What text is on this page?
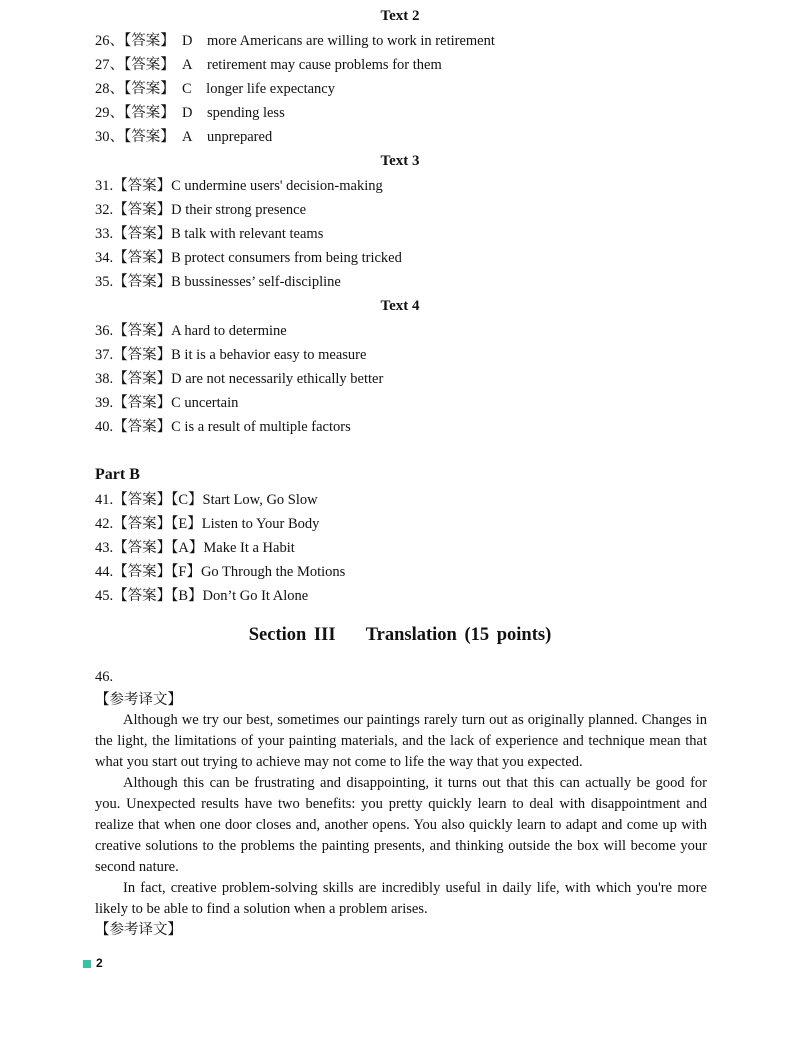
Text 2
26、【答案】 D more Americans are willing to work in retirement
27、【答案】 A retirement may cause problems for them
28、【答案】 C longer life expectancy
29、【答案】 D spending less
30、【答案】 A unprepared
Text 3
31.【答案】C undermine users' decision-making
32.【答案】D their strong presence
33.【答案】B talk with relevant teams
34.【答案】B protect consumers from being tricked
35.【答案】B bussinesses’ self-discipline
Text 4
36.【答案】A hard to determine
37.【答案】B it is a behavior easy to measure
38.【答案】D are not necessarily ethically better
39.【答案】C uncertain
40.【答案】C is a result of multiple factors
Part B
41.【答案】【C】Start Low, Go Slow
42.【答案】【E】Listen to Your Body
43.【答案】【A】Make It a Habit
44.【答案】【F】Go Through the Motions
45.【答案】【B】Don’t Go It Alone
Section III    Translation (15 points)
46.
【参考译文】

Although we try our best, sometimes our paintings rarely turn out as originally planned. Changes in the light, the limitations of your painting materials, and the lack of experience and technique mean that what you start out trying to achieve may not come to life the way that you expected.

Although this can be frustrating and disappointing, it turns out that this can actually be good for you. Unexpected results have two benefits: you pretty quickly learn to deal with disappointment and realize that when one door closes and, another opens. You also quickly learn to adapt and come up with creative solutions to the problems the painting presents, and thinking outside the box will become your second nature.

In fact, creative problem-solving skills are incredibly useful in daily life, with which you're more likely to be able to find a solution when a problem arises.

【参考译文】
2
